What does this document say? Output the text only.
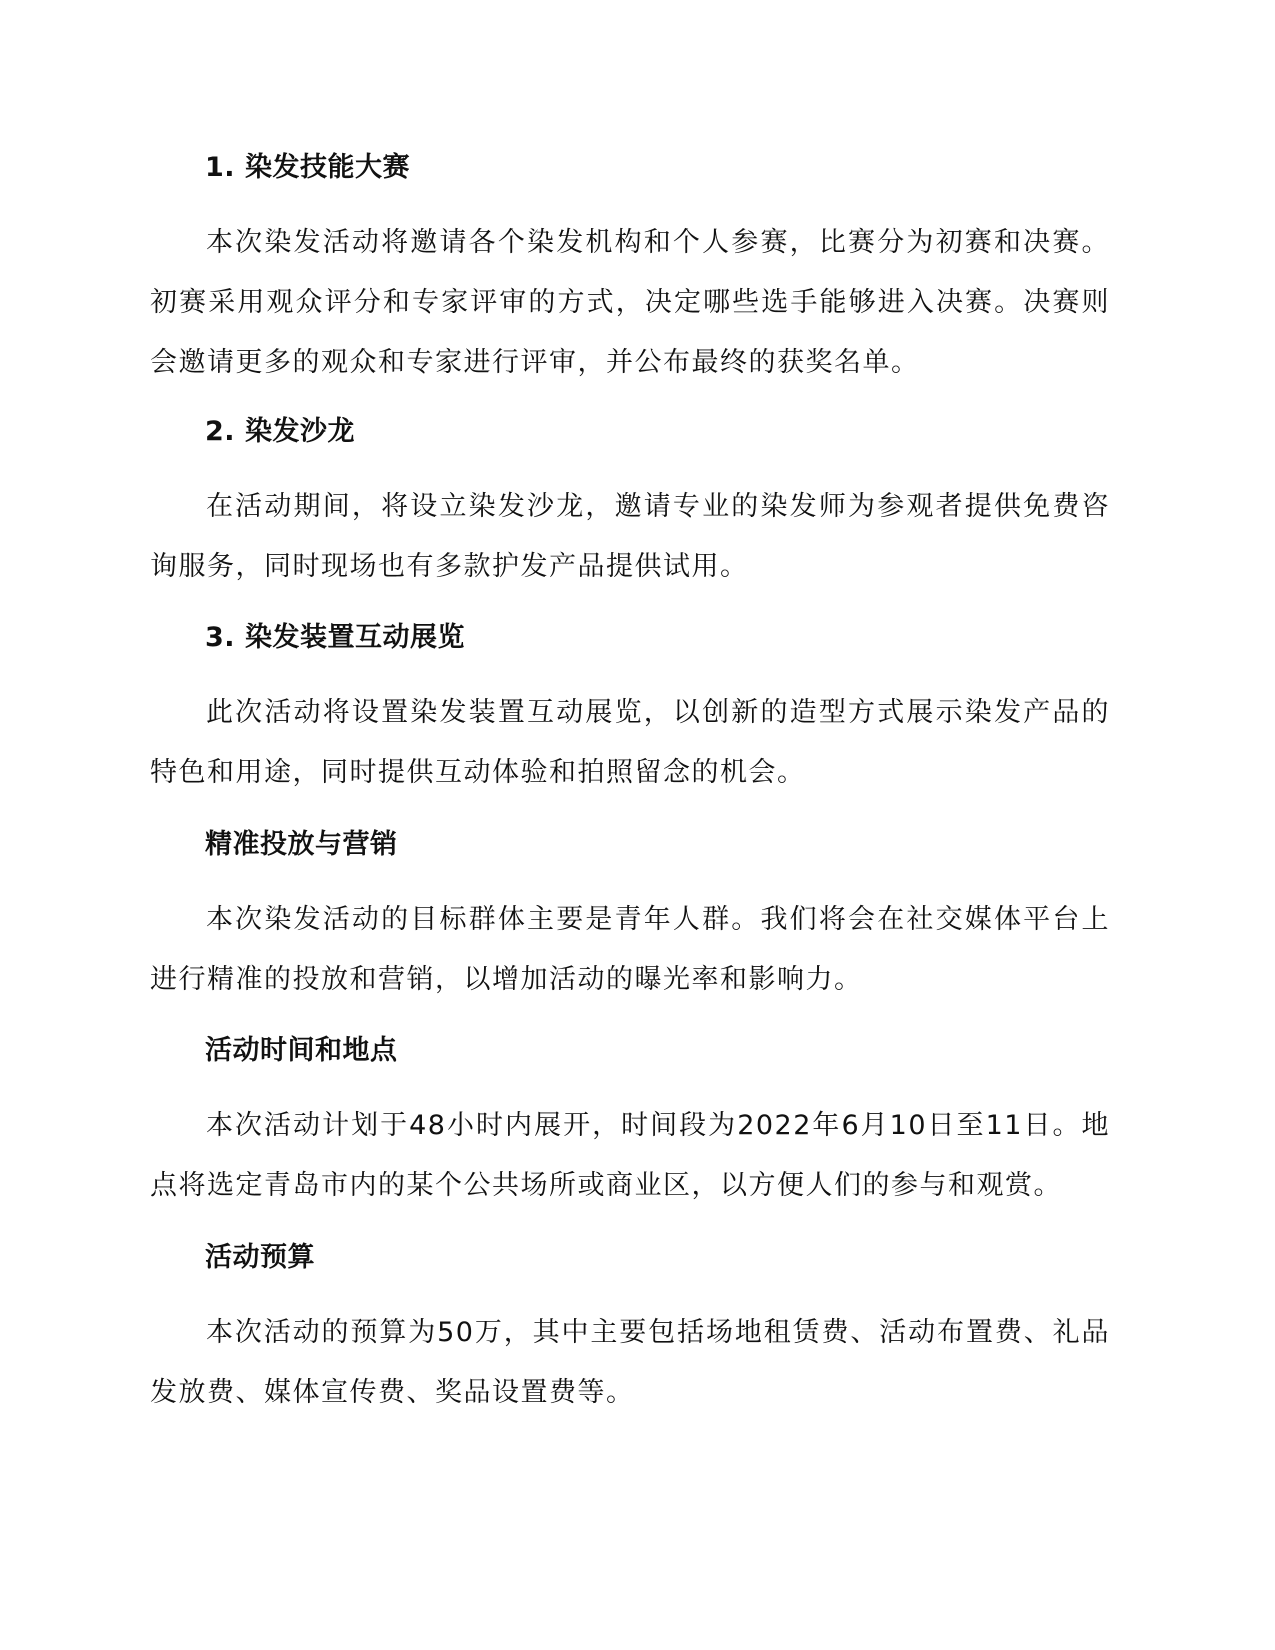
1. 染发技能大赛
本次染发活动将邀请各个染发机构和个人参赛，比赛分为初赛和决赛。初赛采用观众评分和专家评审的方式，决定哪些选手能够进入决赛。决赛则会邀请更多的观众和专家进行评审，并公布最终的获奖名单。
2. 染发沙龙
在活动期间，将设立染发沙龙，邀请专业的染发师为参观者提供免费咨询服务，同时现场也有多款护发产品提供试用。
3. 染发装置互动展览
此次活动将设置染发装置互动展览，以创新的造型方式展示染发产品的特色和用途，同时提供互动体验和拍照留念的机会。
精准投放与营销
本次染发活动的目标群体主要是青年人群。我们将会在社交媒体平台上进行精准的投放和营销，以增加活动的曝光率和影响力。
活动时间和地点
本次活动计划于48小时内展开，时间段为2022年6月10日至11日。地点将选定青岛市内的某个公共场所或商业区，以方便人们的参与和观赏。
活动预算
本次活动的预算为50万，其中主要包括场地租赁费、活动布置费、礼品发放费、媒体宣传费、奖品设置费等。
